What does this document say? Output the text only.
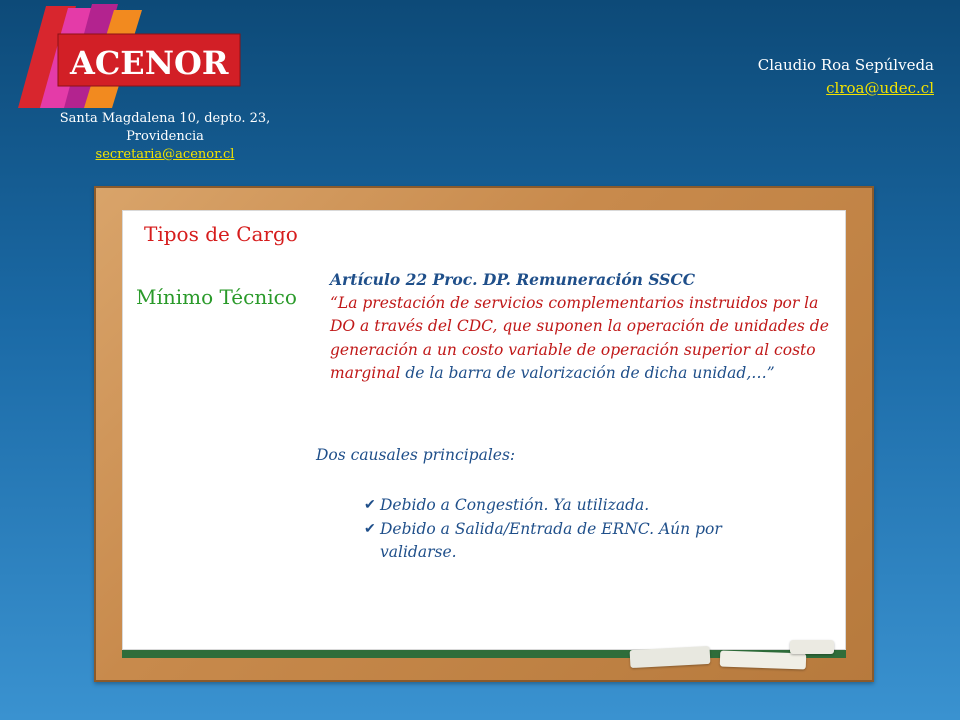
ACENOR
Santa Magdalena 10, depto. 23,
Providencia
secretaria@acenor.cl
Claudio Roa Sepúlveda
clroa@udec.cl
Tipos de Cargo
Mínimo Técnico
Artículo 22 Proc. DP. Remuneración SSCC
“La prestación de servicios complementarios instruidos por la DO a través del CDC, que suponen la operación de unidades de generación a un costo variable de operación superior al costo marginal de la barra de valorización de dicha unidad,…”
Dos causales principales:
✔ Debido a Congestión. Ya utilizada.
✔ Debido a Salida/Entrada de ERNC. Aún por validarse.
